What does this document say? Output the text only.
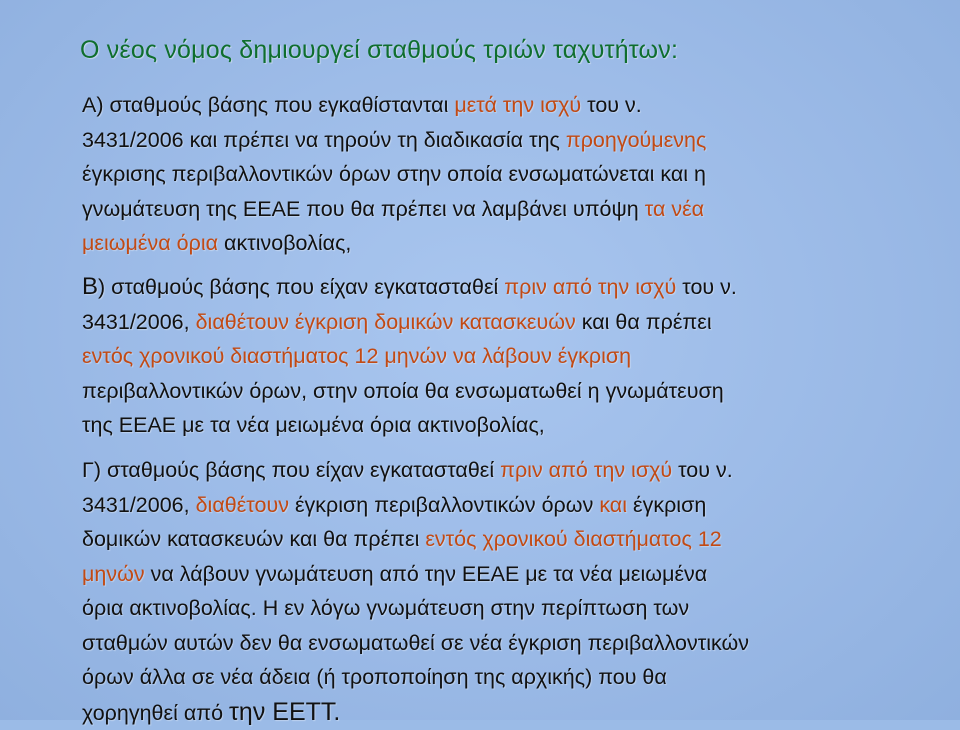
Ο νέος νόμος δημιουργεί σταθμούς τριών ταχυτήτων:
Α) σταθμούς βάσης που εγκαθίστανται μετά την ισχύ του ν.
3431/2006 και πρέπει να τηρούν τη διαδικασία της προηγούμενης
έγκρισης περιβαλλοντικών όρων στην οποία ενσωματώνεται και η
γνωμάτευση της ΕΕΑΕ που θα πρέπει να λαμβάνει υπόψη τα νέα
μειωμένα όρια ακτινοβολίας,
Β) σταθμούς βάσης που είχαν εγκατασταθεί πριν από την ισχύ του ν.
3431/2006, διαθέτουν έγκριση δομικών κατασκευών και θα πρέπει
εντός χρονικού διαστήματος 12 μηνών να λάβουν έγκριση
περιβαλλοντικών όρων, στην οποία θα ενσωματωθεί η γνωμάτευση
της ΕΕΑΕ με τα νέα μειωμένα όρια ακτινοβολίας,
Γ) σταθμούς βάσης που είχαν εγκατασταθεί πριν από την ισχύ του ν.
3431/2006, διαθέτουν έγκριση περιβαλλοντικών όρων και έγκριση
δομικών κατασκευών και θα πρέπει εντός χρονικού διαστήματος 12
μηνών να λάβουν γνωμάτευση από την ΕΕΑΕ με τα νέα μειωμένα
όρια ακτινοβολίας. Η εν λόγω γνωμάτευση στην περίπτωση των
σταθμών αυτών δεν θα ενσωματωθεί σε νέα έγκριση περιβαλλοντικών
όρων άλλα σε νέα άδεια (ή τροποποίηση της αρχικής) που θα
χορηγηθεί από την ΕΕΤΤ.
